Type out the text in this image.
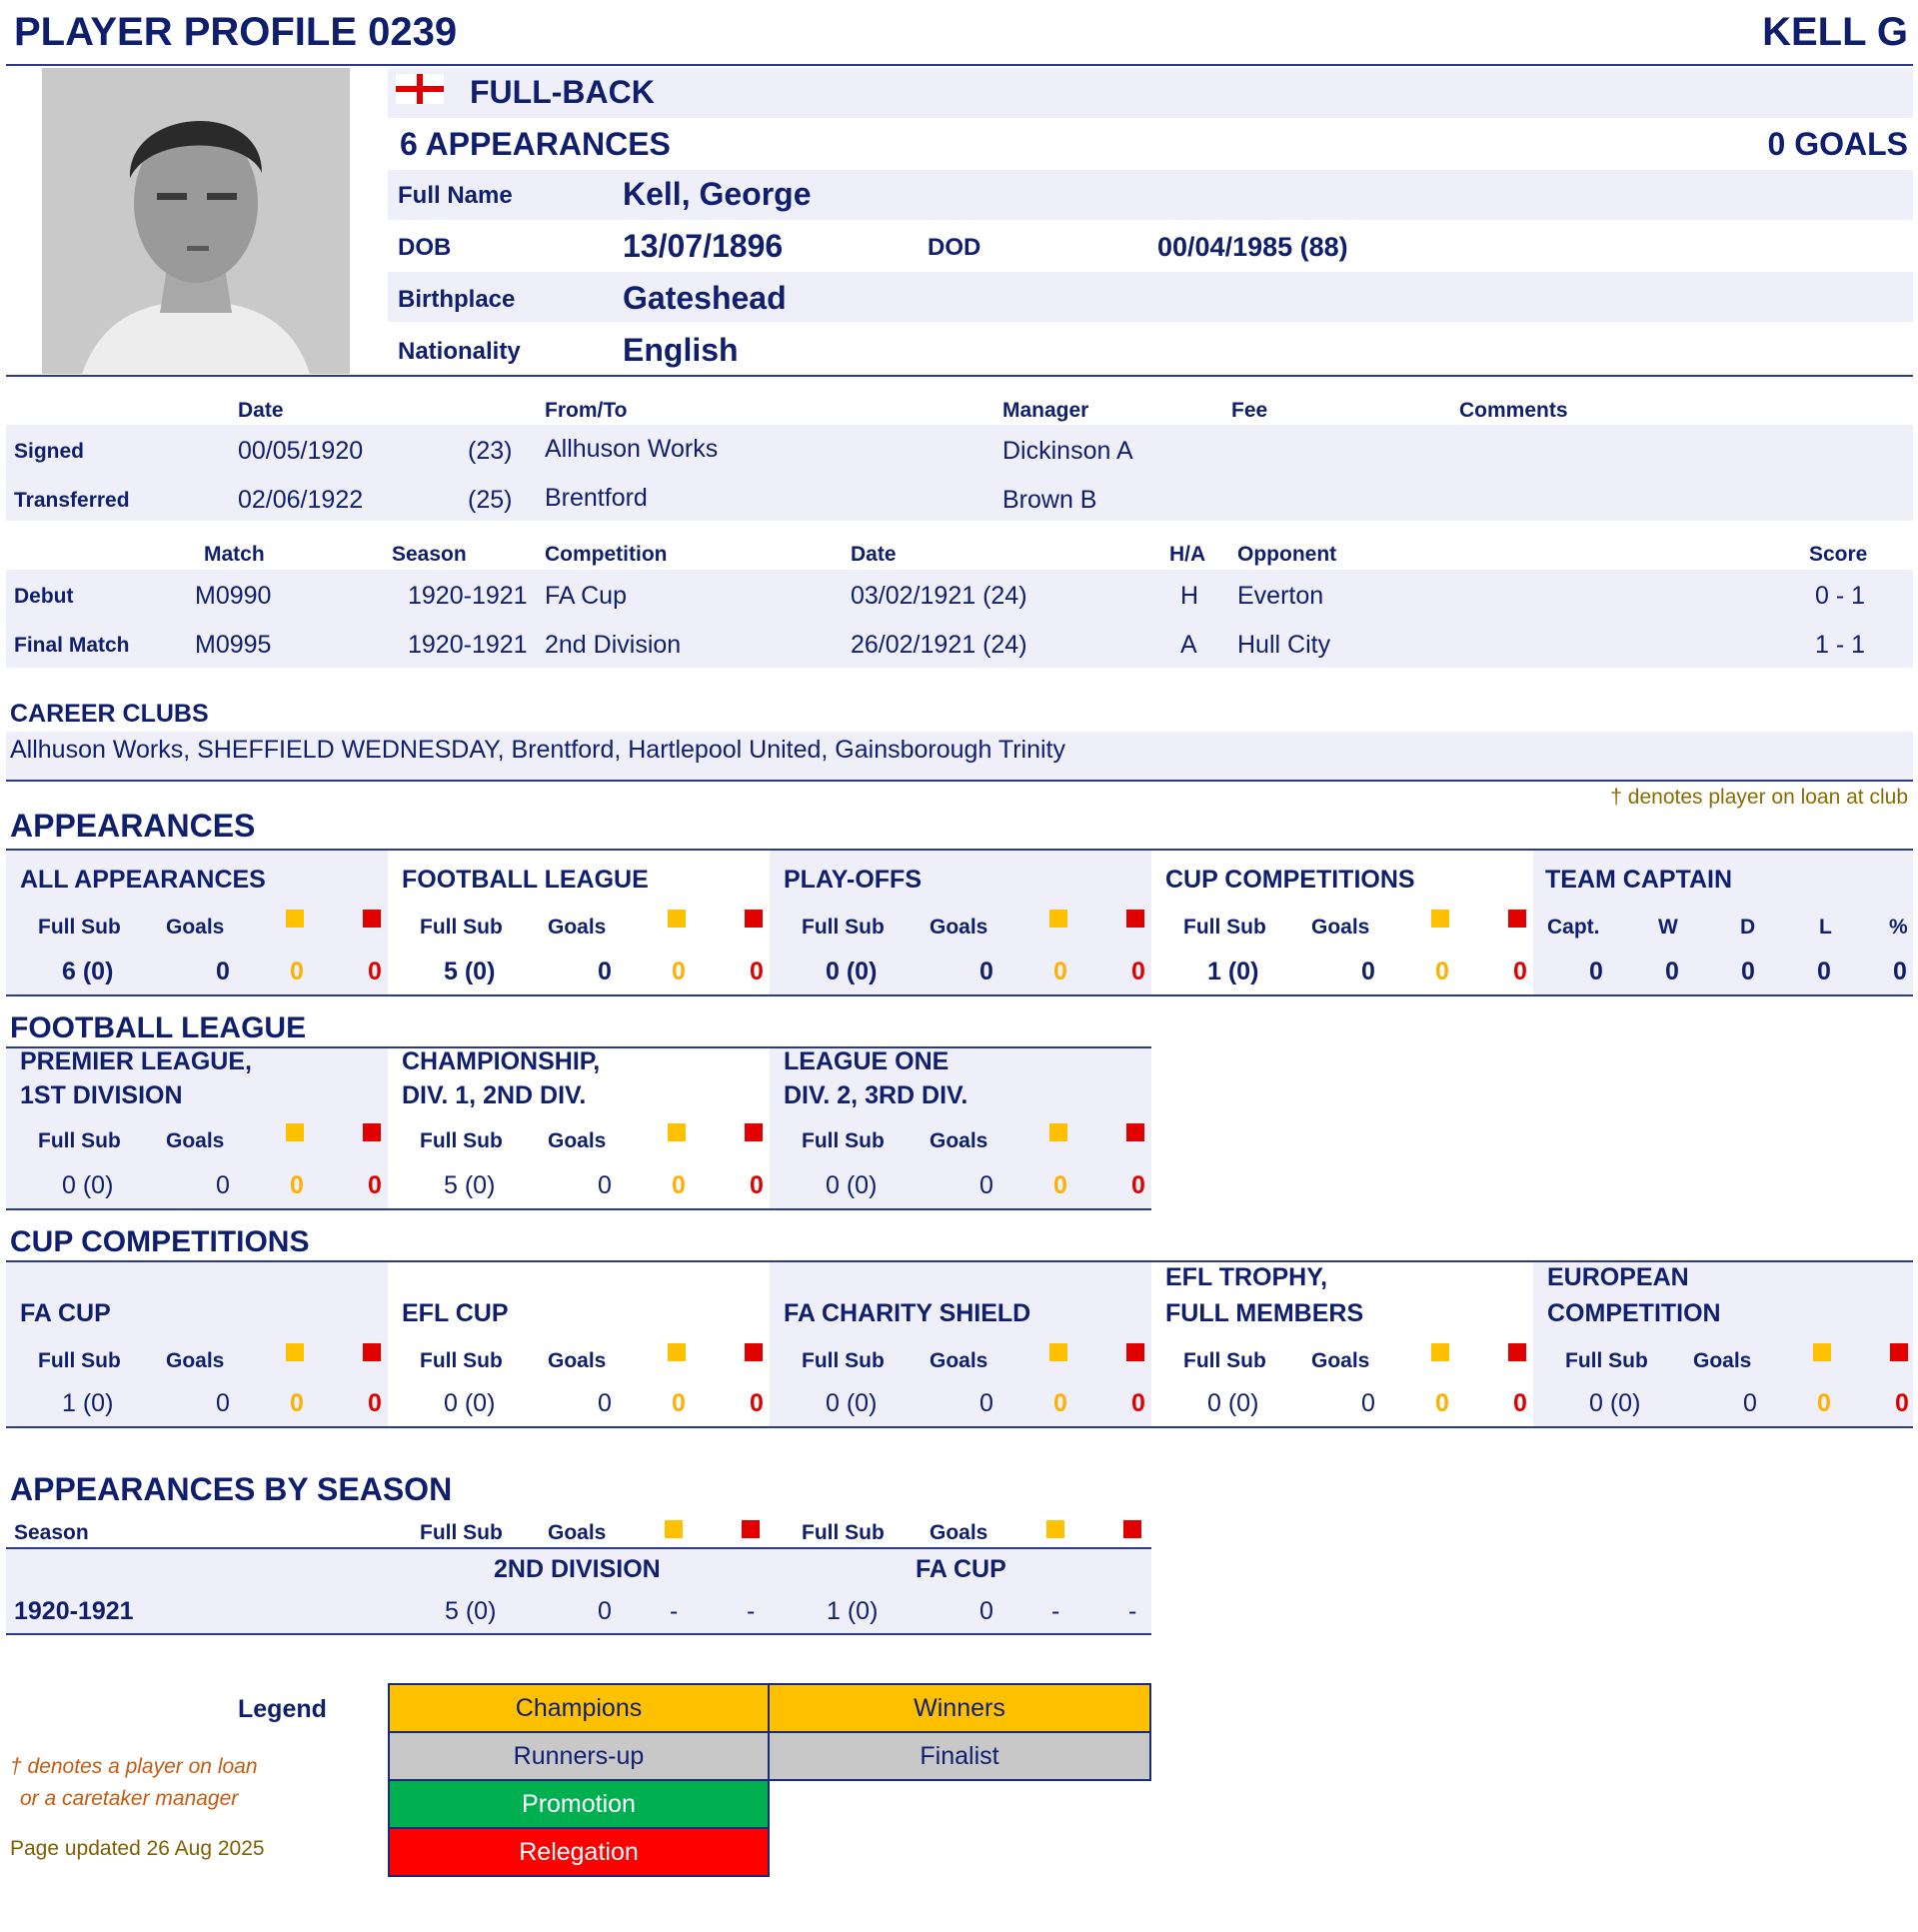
PLAYER PROFILE 0239	KELL G
FULL-BACK
6 APPEARANCES	0 GOALS
Full Name	Kell, George
DOB	13/07/1896	DOD	00/04/1985 (88)
Birthplace	Gateshead
Nationality	English
Date	From/To	Manager	Fee	Comments
Signed	00/05/1920	(23) Allhuson Works	Dickinson A
Transferred	02/06/1922	(25) Brentford	Brown B
Match	Season	Competition	Date	H/A Opponent	Score
Debut	M0990	1920-1921 FA Cup	03/02/1921 (24)	H Everton	0 - 1
Final Match	M0995	1920-1921 2nd Division	26/02/1921 (24)	A Hull City	1 - 1
CAREER CLUBS
Allhuson Works, SHEFFIELD WEDNESDAY, Brentford, Hartlepool United, Gainsborough Trinity
† denotes player on loan at club
APPEARANCES
ALL APPEARANCES
Full Sub Goals
6 (0)	0 0	0
FOOTBALL LEAGUE
Full Sub Goals
5 (0)	0 0	0
PLAY-OFFS
Full Sub Goals
0 (0)	0 0	0
CUP COMPETITIONS
Full Sub Goals
1 (0)	0 0	0
TEAM CAPTAIN
Capt.	W	D	L	%
0 0 0 0 0
FOOTBALL LEAGUE
PREMIER LEAGUE,
1ST DIVISION
Full Sub Goals
0 (0)	0 0	0
CHAMPIONSHIP,
DIV. 1, 2ND DIV.
Full Sub Goals
5 (0)	0 0	0
LEAGUE ONE
DIV. 2, 3RD DIV.
Full Sub Goals
0 (0)	0 0	0
CUP COMPETITIONS
FA CUP
Full Sub Goals
1 (0)	0 0	0
EFL CUP
Full Sub Goals
0 (0)	0 0	0
FA CHARITY SHIELD
Full Sub Goals
0 (0)	0 0	0
EFL TROPHY,
FULL MEMBERS
Full Sub Goals
0 (0)	0 0	0
EUROPEAN
COMPETITION
Full Sub Goals
0 (0)	0 0	0
APPEARANCES BY SEASON
Season	Full Sub Goals	Full Sub Goals
2ND DIVISION	FA CUP
1920-1921	5 (0)	0 -	-	1 (0)	0 -	-
Legend	Champions	Winners
Runners-up	Finalist
Promotion
Relegation
† denotes a player on loan
or a caretaker manager
Page updated 26 Aug 2025
